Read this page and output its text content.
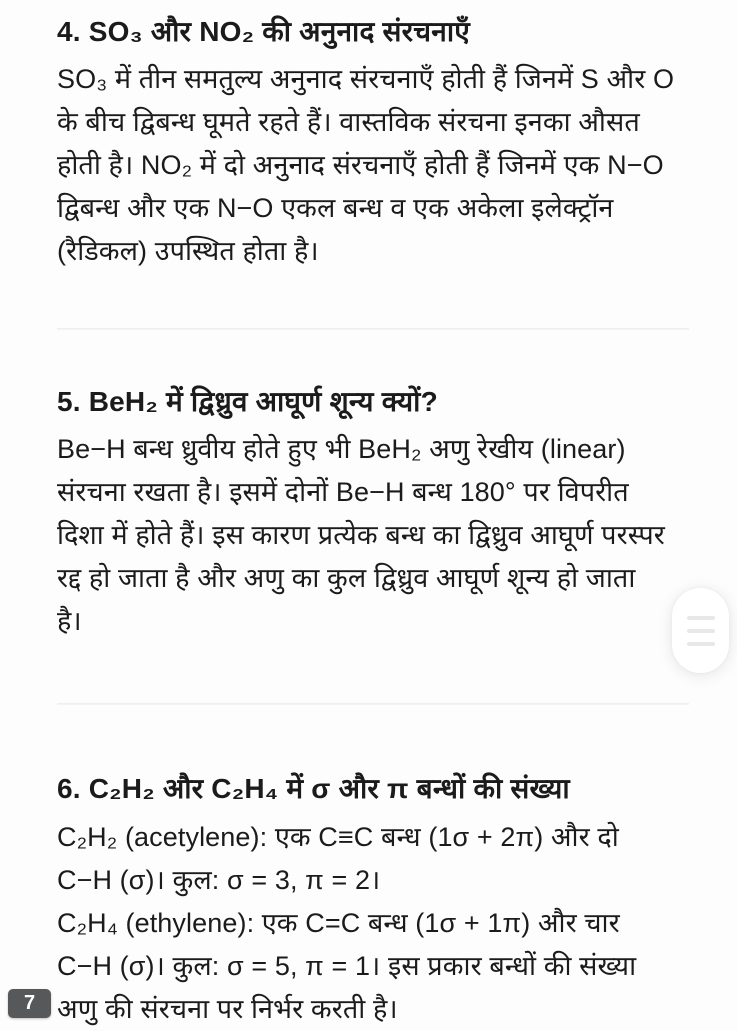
4. SO₃ और NO₂ की अनुनाद संरचनाएँ
SO₃ में तीन समतुल्य अनुनाद संरचनाएँ होती हैं जिनमें S और O
के बीच द्विबन्ध घूमते रहते हैं। वास्तविक संरचना इनका औसत
होती है। NO₂ में दो अनुनाद संरचनाएँ होती हैं जिनमें एक N−O
द्विबन्ध और एक N−O एकल बन्ध व एक अकेला इलेक्ट्रॉन
(रैडिकल) उपस्थित होता है।
5. BeH₂ में द्विध्रुव आघूर्ण शून्य क्यों?
Be−H बन्ध ध्रुवीय होते हुए भी BeH₂ अणु रेखीय (linear)
संरचना रखता है। इसमें दोनों Be−H बन्ध 180° पर विपरीत
दिशा में होते हैं। इस कारण प्रत्येक बन्ध का द्विध्रुव आघूर्ण परस्पर
रद्द हो जाता है और अणु का कुल द्विध्रुव आघूर्ण शून्य हो जाता
है।
6. C₂H₂ और C₂H₄ में σ और π बन्धों की संख्या
C₂H₂ (acetylene): एक C≡C बन्ध (1σ + 2π) और दो
C−H (σ)। कुल: σ = 3, π = 2।
C₂H₄ (ethylene): एक C=C बन्ध (1σ + 1π) और चार
C−H (σ)। कुल: σ = 5, π = 1। इस प्रकार बन्धों की संख्या
अणु की संरचना पर निर्भर करती है।
7
